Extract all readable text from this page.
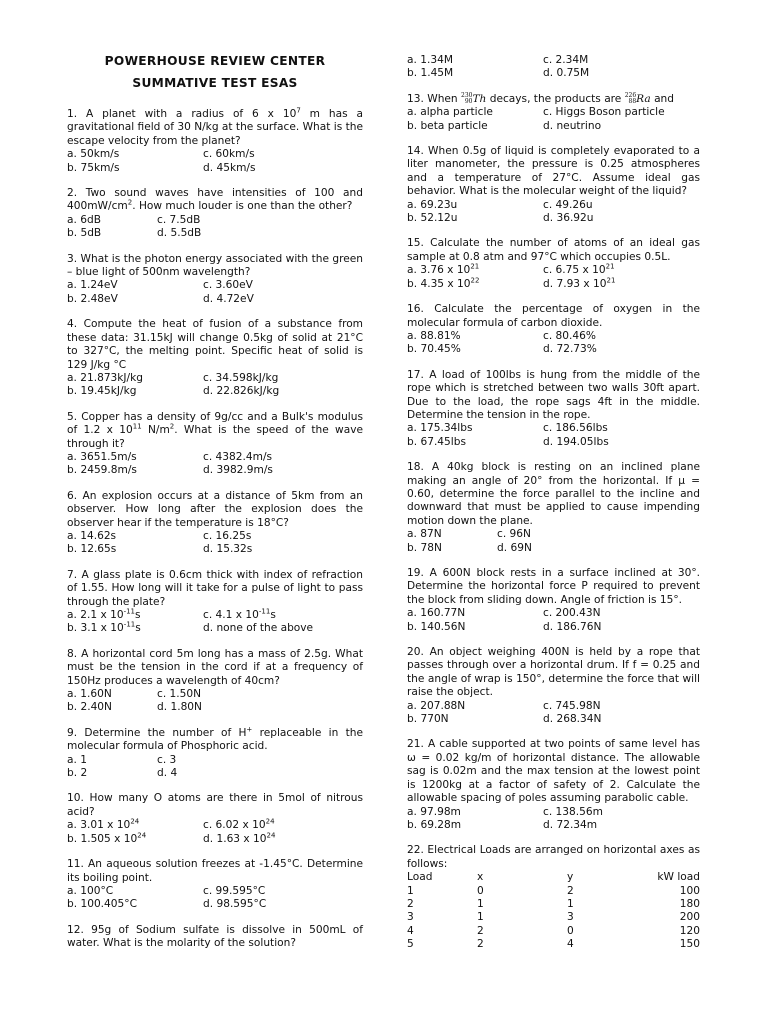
POWERHOUSE REVIEW CENTER
SUMMATIVE TEST ESAS
1. A planet with a radius of 6 x $10^7$ m has a gravitational field of 30 N/kg at the surface. What is the escape velocity from the planet?
a. 50km/s	c. 60km/s
b. 75km/s	d. 45km/s
2. Two sound waves have intensities of 100 and $400mW/cm^2$. How much louder is one than the other?
a. 6dB	c. 7.5dB
b. 5dB	d. 5.5dB
3. What is the photon energy associated with the green – blue light of 500nm wavelength?
a. 1.24eV	c. 3.60eV
b. 2.48eV	d. 4.72eV
4. Compute the heat of fusion of a substance from these data: 31.15kJ will change 0.5kg of solid at 21°C to 327°C, the melting point. Specific heat of solid is 129 J/kg °C
a. 21.873kJ/kg	c. 34.598kJ/kg
b. 19.45kJ/kg	d. 22.826kJ/kg
5. Copper has a density of 9g/cc and a Bulk's modulus of 1.2 x $10^{11}$ $N/m^2$. What is the speed of the wave through it?
a. 3651.5m/s	c. 4382.4m/s
b. 2459.8m/s	d. 3982.9m/s
6. An explosion occurs at a distance of 5km from an observer. How long after the explosion does the observer hear if the temperature is 18°C?
a. 14.62s	c. 16.25s
b. 12.65s	d. 15.32s
7. A glass plate is 0.6cm thick with index of refraction of 1.55. How long will it take for a pulse of light to pass through the plate?
a. 2.1 x $10^{-11}s$	c. 4.1 x $10^{-11}s$
b. 3.1 x $10^{-11}s$	d. none of the above
8. A horizontal cord 5m long has a mass of 2.5g. What must be the tension in the cord if at a frequency of 150Hz produces a wavelength of 40cm?
a. 1.60N	c. 1.50N
b. 2.40N	d. 1.80N
9. Determine the number of H+ replaceable in the molecular formula of Phosphoric acid.
a. 1	c. 3
b. 2	d. 4
10. How many O atoms are there in 5mol of nitrous acid?
a. 3.01 x $10^{24}$	c. 6.02 x $10^{24}$
b. 1.505 x $10^{24}$	d. 1.63 x $10^{24}$
11. An aqueous solution freezes at -1.45°C. Determine its boiling point.
a. 100°C	c. 99.595°C
b. 100.405°C	d. 98.595°C
12. 95g of Sodium sulfate is dissolve in 500mL of water. What is the molarity of the solution?
a. 1.34M	c. 2.34M
b. 1.45M	d. 0.75M
13. When 230
90Th decays, the products are 226
88Ra and
a. alpha particle	c. Higgs Boson particle
b. beta particle	d. neutrino
14. When 0.5g of liquid is completely evaporated to a liter manometer, the pressure is 0.25 atmospheres and a temperature of 27°C. Assume ideal gas behavior. What is the molecular weight of the liquid?
a. 69.23u	c. 49.26u
b. 52.12u	d. 36.92u
15. Calculate the number of atoms of an ideal gas sample at 0.8 atm and 97°C which occupies 0.5L.
a. 3.76 x $10^{21}$	c. 6.75 x $10^{21}$
b. 4.35 x $10^{22}$	d. 7.93 x $10^{21}$
16. Calculate the percentage of oxygen in the molecular formula of carbon dioxide.
a. 88.81%	c. 80.46%
b. 70.45%	d. 72.73%
17. A load of 100lbs is hung from the middle of the rope which is stretched between two walls 30ft apart. Due to the load, the rope sags 4ft in the middle. Determine the tension in the rope.
a. 175.34lbs	c. 186.56lbs
b. 67.45lbs	d. 194.05lbs
18. A 40kg block is resting on an inclined plane making an angle of 20° from the horizontal. If μ = 0.60, determine the force parallel to the incline and downward that must be applied to cause impending motion down the plane.
a. 87N	c. 96N
b. 78N	d. 69N
19. A 600N block rests in a surface inclined at 30°. Determine the horizontal force P required to prevent the block from sliding down. Angle of friction is 15°.
a. 160.77N	c. 200.43N
b. 140.56N	d. 186.76N
20. An object weighing 400N is held by a rope that passes through over a horizontal drum. If f = 0.25 and the angle of wrap is 150°, determine the force that will raise the object.
a. 207.88N	c. 745.98N
b. 770N	d. 268.34N
21. A cable supported at two points of same level has ω = 0.02 kg/m of horizontal distance. The allowable sag is 0.02m and the max tension at the lowest point is 1200kg at a factor of safety of 2. Calculate the allowable spacing of poles assuming parabolic cable.
a. 97.98m	c. 138.56m
b. 69.28m	d. 72.34m
22. Electrical Loads are arranged on horizontal axes as follows:
Load	x	y	kW load
1	0	2	100
2	1	1	180
3	1	3	200
4	2	0	120
5	2	4	150
